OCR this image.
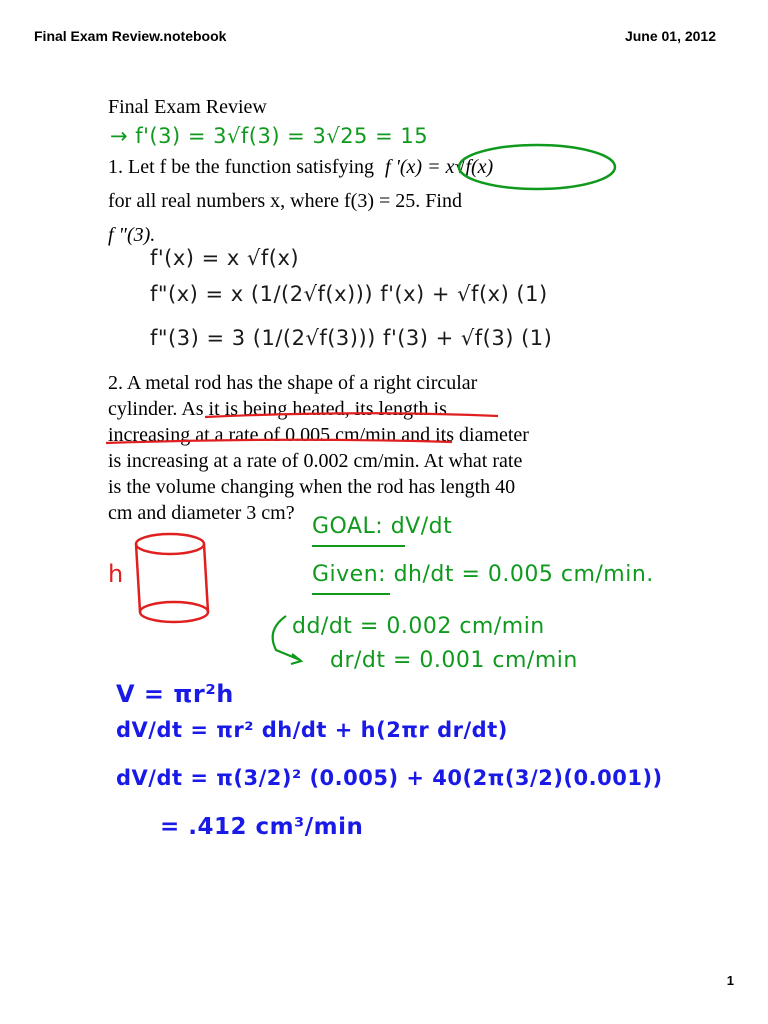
Final Exam Review.notebook	June 01, 2012
Final Exam Review
→ f'(3) = 3√f(3) = 3√25 = 15
1. Let f be the function satisfying f '(x) = x√f(x)
for all real numbers x, where f(3) = 25. Find
f "(3).
f'(x) = x √f(x)
f"(x) = x (1/(2√f(x))) f'(x) + √f(x) (1)
f"(3) = 3 (1/(2√f(3))) f'(3) + √f(3) (1)
2. A metal rod has the shape of a right circular
cylinder. As it is being heated, its length is
increasing at a rate of 0.005 cm/min and its diameter
is increasing at a rate of 0.002 cm/min. At what rate
is the volume changing when the rod has length 40
cm and diameter 3 cm?
GOAL: dV/dt
Given: dh/dt = 0.005 cm/min.
dd/dt = 0.002 cm/min
dr/dt = 0.001 cm/min
h
V = πr²h
dV/dt = πr² dh/dt + h(2πr dr/dt)
dV/dt = π(3/2)² (0.005) + 40(2π(3/2)(0.001))
= .412 cm³/min
1
